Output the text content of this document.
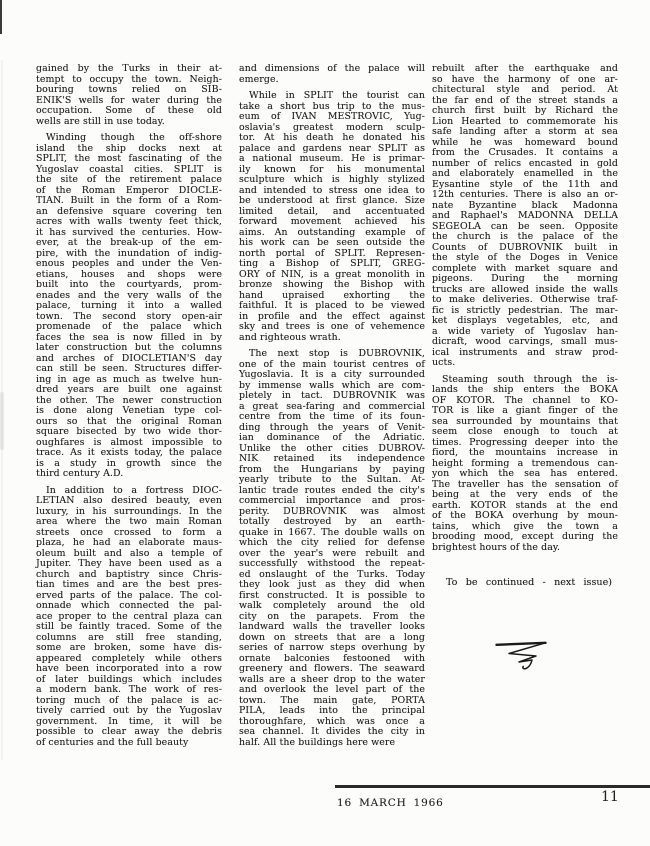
gained by the Turks in their at-
tempt to occupy the town. Neigh-
bouring towns relied on SIB-
ENIK'S wells for water during the
occupation. Some of these old
wells are still in use today.
Winding though the off-shore
island the ship docks next at
SPLIT, the most fascinating of the
Yugoslav coastal cities. SPLIT is
the site of the retirement palace
of the Roman Emperor DIOCLE-
TIAN. Built in the form of a Rom-
an defensive square covering ten
acres with walls twenty feet thick,
it has survived the centuries. How-
ever, at the break-up of the em-
pire, with the inundation of indig-
enous peoples and under the Ven-
etians, houses and shops were
built into the courtyards, prom-
enades and the very walls of the
palace, turning it into a walled
town. The second story open-air
promenade of the palace which
faces the sea is now filled in by
later construction but the columns
and arches of DIOCLETIAN'S day
can still be seen. Structures differ-
ing in age as much as twelve hun-
dred years are built one against
the other. The newer construction
is done along Venetian type col-
ours so that the original Roman
square bisected by two wide thor-
oughfares is almost impossible to
trace. As it exists today, the palace
is a study in growth since the
third century A.D.
In addition to a fortress DIOC-
LETIAN also desired beauty, even
luxury, in his surroundings. In the
area where the two main Roman
streets once crossed to form a
plaza, he had an elaborate maus-
oleum built and also a temple of
Jupiter. They have been used as a
church and baptistry since Chris-
tian times and are the best pres-
erved parts of the palace. The col-
onnade which connected the pal-
ace proper to the central plaza can
still be faintly traced. Some of the
columns are still free standing,
some are broken, some have dis-
appeared completely while others
have been incorporated into a row
of later buildings which includes
a modern bank. The work of res-
toring much of the palace is ac-
tively carried out by the Yugoslav
government. In time, it will be
possible to clear away the debris
of centuries and the full beauty
and dimensions of the palace will
emerge.
While in SPLIT the tourist can
take a short bus trip to the mus-
eum of IVAN MESTROVIC, Yug-
oslavia's greatest modern sculp-
tor. At his death he donated his
palace and gardens near SPLIT as
a national museum. He is primar-
ily known for his monumental
sculpture which is highly stylized
and intended to stress one idea to
be understood at first glance. Size
limited detail, and accentuated
forward movement achieved his
aims. An outstanding example of
his work can be seen outside the
north portal of SPLIT. Represen-
ting a Bishop of SPLIT, GREG-
ORY of NIN, is a great monolith in
bronze showing the Bishop with
hand upraised exhorting the
faithful. It is placed to be viewed
in profile and the effect against
sky and trees is one of vehemence
and righteous wrath.
The next stop is DUBROVNIK,
one of the main tourist centres of
Yugoslavia. It is a city surrounded
by immense walls which are com-
pletely in tact. DUBROVNIK was
a great sea-faring and commercial
centre from the time of its foun-
ding through the years of Venit-
ian dominance of the Adriatic.
Unlike the other cities DUBROV-
NIK retained its independence
from the Hungarians by paying
yearly tribute to the Sultan. At-
lantic trade routes ended the city's
commercial importance and pros-
perity. DUBROVNIK was almost
totally destroyed by an earth-
quake in 1667. The double walls on
which the city relied for defense
over the year's were rebuilt and
successfully withstood the repeat-
ed onslaught of the Turks. Today
they look just as they did when
first constructed. It is possible to
walk completely around the old
city on the parapets. From the
landward walls the traveller looks
down on streets that are a long
series of narrow steps overhung by
ornate balconies festooned with
greenery and flowers. The seaward
walls are a sheer drop to the water
and overlook the level part of the
town. The main gate, PORTA
PILA, leads into the principal
thoroughfare, which was once a
sea channel. It divides the city in
half. All the buildings here were
rebuilt after the earthquake and
so have the harmony of one ar-
chitectural style and period. At
the far end of the street stands a
church first built by Richard the
Lion Hearted to commemorate his
safe landing after a storm at sea
while he was homeward bound
from the Crusades. It contains a
number of relics encasted in gold
and elaborately enamelled in the
Eysantine style of the 11th and
12th centuries. There is also an or-
nate Byzantine black Madonna
and Raphael's MADONNA DELLA
SEGEOLA can be seen. Opposite
the church is the palace of the
Counts of DUBROVNIK built in
the style of the Doges in Venice
complete with market square and
pigeons. During the morning
trucks are allowed inside the walls
to make deliveries. Otherwise traf-
fic is strictly pedestrian. The mar-
ket displays vegetables, etc, and
a wide variety of Yugoslav han-
dicraft, wood carvings, small mus-
ical instruments and straw prod-
ucts.
Steaming south through the is-
lands the ship enters the BOKA
OF KOTOR. The channel to KO-
TOR is like a giant finger of the
sea surrounded by mountains that
seem close enough to touch at
times. Progressing deeper into the
fiord, the mountains increase in
height forming a tremendous can-
yon which the sea has entered.
The traveller has the sensation of
being at the very ends of the
earth. KOTOR stands at the end
of the BOKA overhung by moun-
tains, which give the town a
brooding mood, except during the
brightest hours of the day.
To be continued - next issue)
16 MARCH 1966	11
